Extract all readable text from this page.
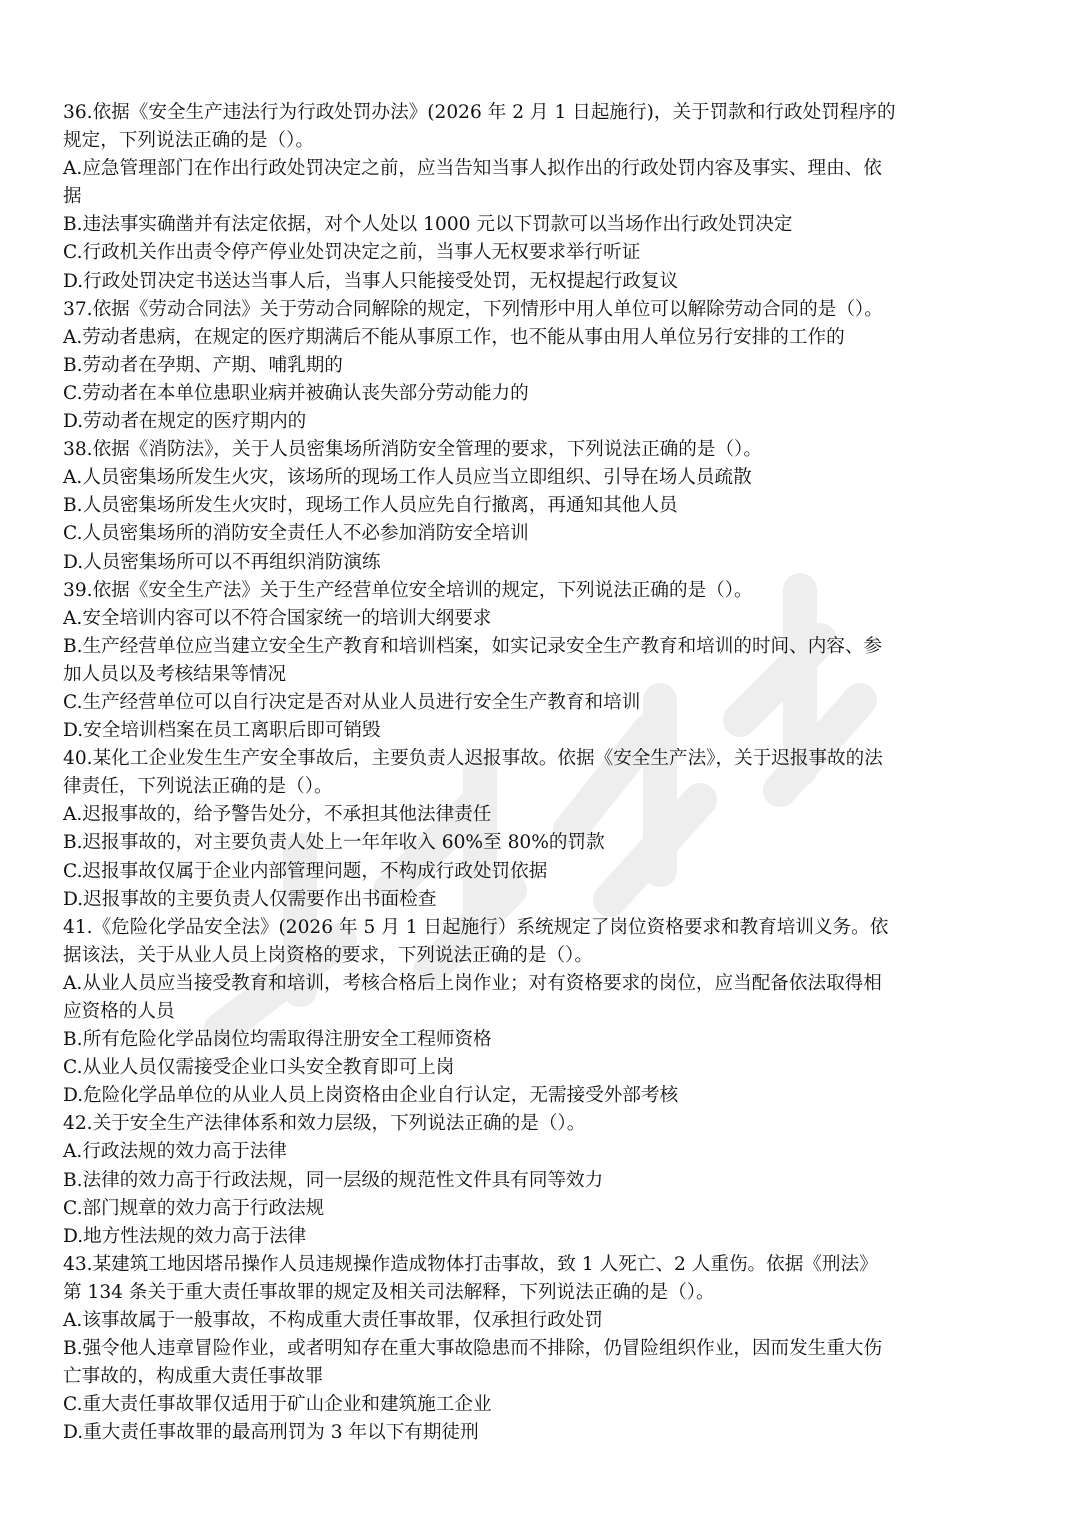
36.依据《安全生产违法行为行政处罚办法》(2026 年 2 月 1 日起施行)，关于罚款和行政处罚程序的
规定，下列说法正确的是（）。
A.应急管理部门在作出行政处罚决定之前，应当告知当事人拟作出的行政处罚内容及事实、理由、依
据
B.违法事实确凿并有法定依据，对个人处以 1000 元以下罚款可以当场作出行政处罚决定
C.行政机关作出责令停产停业处罚决定之前，当事人无权要求举行听证
D.行政处罚决定书送达当事人后，当事人只能接受处罚，无权提起行政复议
37.依据《劳动合同法》关于劳动合同解除的规定，下列情形中用人单位可以解除劳动合同的是（）。
A.劳动者患病，在规定的医疗期满后不能从事原工作，也不能从事由用人单位另行安排的工作的
B.劳动者在孕期、产期、哺乳期的
C.劳动者在本单位患职业病并被确认丧失部分劳动能力的
D.劳动者在规定的医疗期内的
38.依据《消防法》，关于人员密集场所消防安全管理的要求，下列说法正确的是（）。
A.人员密集场所发生火灾，该场所的现场工作人员应当立即组织、引导在场人员疏散
B.人员密集场所发生火灾时，现场工作人员应先自行撤离，再通知其他人员
C.人员密集场所的消防安全责任人不必参加消防安全培训
D.人员密集场所可以不再组织消防演练
39.依据《安全生产法》关于生产经营单位安全培训的规定，下列说法正确的是（）。
A.安全培训内容可以不符合国家统一的培训大纲要求
B.生产经营单位应当建立安全生产教育和培训档案，如实记录安全生产教育和培训的时间、内容、参
加人员以及考核结果等情况
C.生产经营单位可以自行决定是否对从业人员进行安全生产教育和培训
D.安全培训档案在员工离职后即可销毁
40.某化工企业发生生产安全事故后，主要负责人迟报事故。依据《安全生产法》，关于迟报事故的法
律责任，下列说法正确的是（）。
A.迟报事故的，给予警告处分，不承担其他法律责任
B.迟报事故的，对主要负责人处上一年年收入 60%至 80%的罚款
C.迟报事故仅属于企业内部管理问题，不构成行政处罚依据
D.迟报事故的主要负责人仅需要作出书面检查
41.《危险化学品安全法》(2026 年 5 月 1 日起施行）系统规定了岗位资格要求和教育培训义务。依
据该法，关于从业人员上岗资格的要求，下列说法正确的是（）。
A.从业人员应当接受教育和培训，考核合格后上岗作业；对有资格要求的岗位，应当配备依法取得相
应资格的人员
B.所有危险化学品岗位均需取得注册安全工程师资格
C.从业人员仅需接受企业口头安全教育即可上岗
D.危险化学品单位的从业人员上岗资格由企业自行认定，无需接受外部考核
42.关于安全生产法律体系和效力层级，下列说法正确的是（）。
A.行政法规的效力高于法律
B.法律的效力高于行政法规，同一层级的规范性文件具有同等效力
C.部门规章的效力高于行政法规
D.地方性法规的效力高于法律
43.某建筑工地因塔吊操作人员违规操作造成物体打击事故，致 1 人死亡、2 人重伤。依据《刑法》
第 134 条关于重大责任事故罪的规定及相关司法解释，下列说法正确的是（）。
A.该事故属于一般事故，不构成重大责任事故罪，仅承担行政处罚
B.强令他人违章冒险作业，或者明知存在重大事故隐患而不排除，仍冒险组织作业，因而发生重大伤
亡事故的，构成重大责任事故罪
C.重大责任事故罪仅适用于矿山企业和建筑施工企业
D.重大责任事故罪的最高刑罚为 3 年以下有期徒刑
